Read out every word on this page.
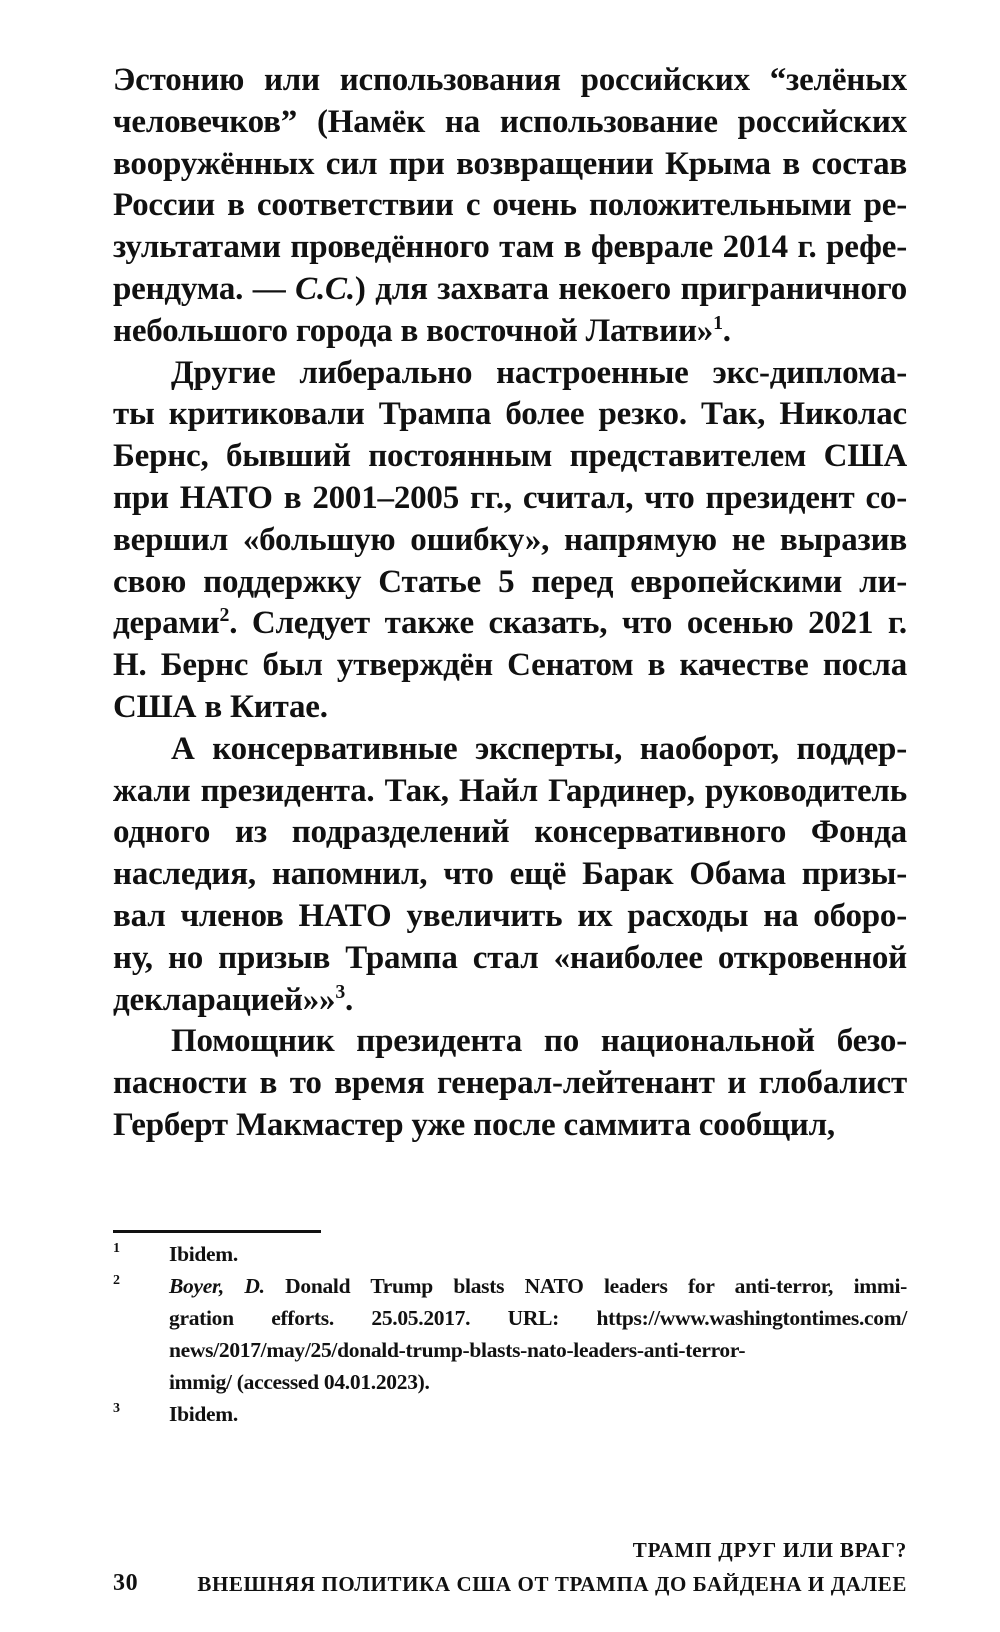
Эстонию или использования российских “зелёных
человечков” (Намёк на использование российских
вооружённых сил при возвращении Крыма в состав
России в соответствии с очень положительными ре-
зультатами проведённого там в феврале 2014 г. рефе-
рендума. — С.С.) для захвата некоего приграничного
небольшого города в восточной Латвии»$^1$.
Другие либерально настроенные экс-диплома-
ты критиковали Трампа более резко. Так, Николас
Бернс, бывший постоянным представителем США
при НАТО в 2001–2005 гг., считал, что президент со-
вершил «большую ошибку», напрямую не выразив
свою поддержку Статье 5 перед европейскими ли-
дерами$^2$. Следует также сказать, что осенью 2021 г.
Н. Бернс был утверждён Сенатом в качестве посла
США в Китае.
А консервативные эксперты, наоборот, поддер-
жали президента. Так, Найл Гардинер, руководитель
одного из подразделений консервативного Фонда
наследия, напомнил, что ещё Барак Обама призы-
вал членов НАТО увеличить их расходы на оборо-
ну, но призыв Трампа стал «наиболее откровенной
декларацией»»$^3$.
Помощник президента по национальной безо-
пасности в то время генерал-лейтенант и глобалист
Герберт Макмастер уже после саммита сообщил,
1 Ibidem.
2 Boyer, D. Donald Trump blasts NATO leaders for anti-terror, immi-
gration efforts. 25.05.2017. URL: https://www.washingtontimes.com/
news/2017/may/25/donald-trump-blasts-nato-leaders-anti-terror-
immig/ (accessed 04.01.2023).
3 Ibidem.
ТРАМП ДРУГ ИЛИ ВРАГ?
30	ВНЕШНЯЯ ПОЛИТИКА США ОТ ТРАМПА ДО БАЙДЕНА И ДАЛЕЕ
